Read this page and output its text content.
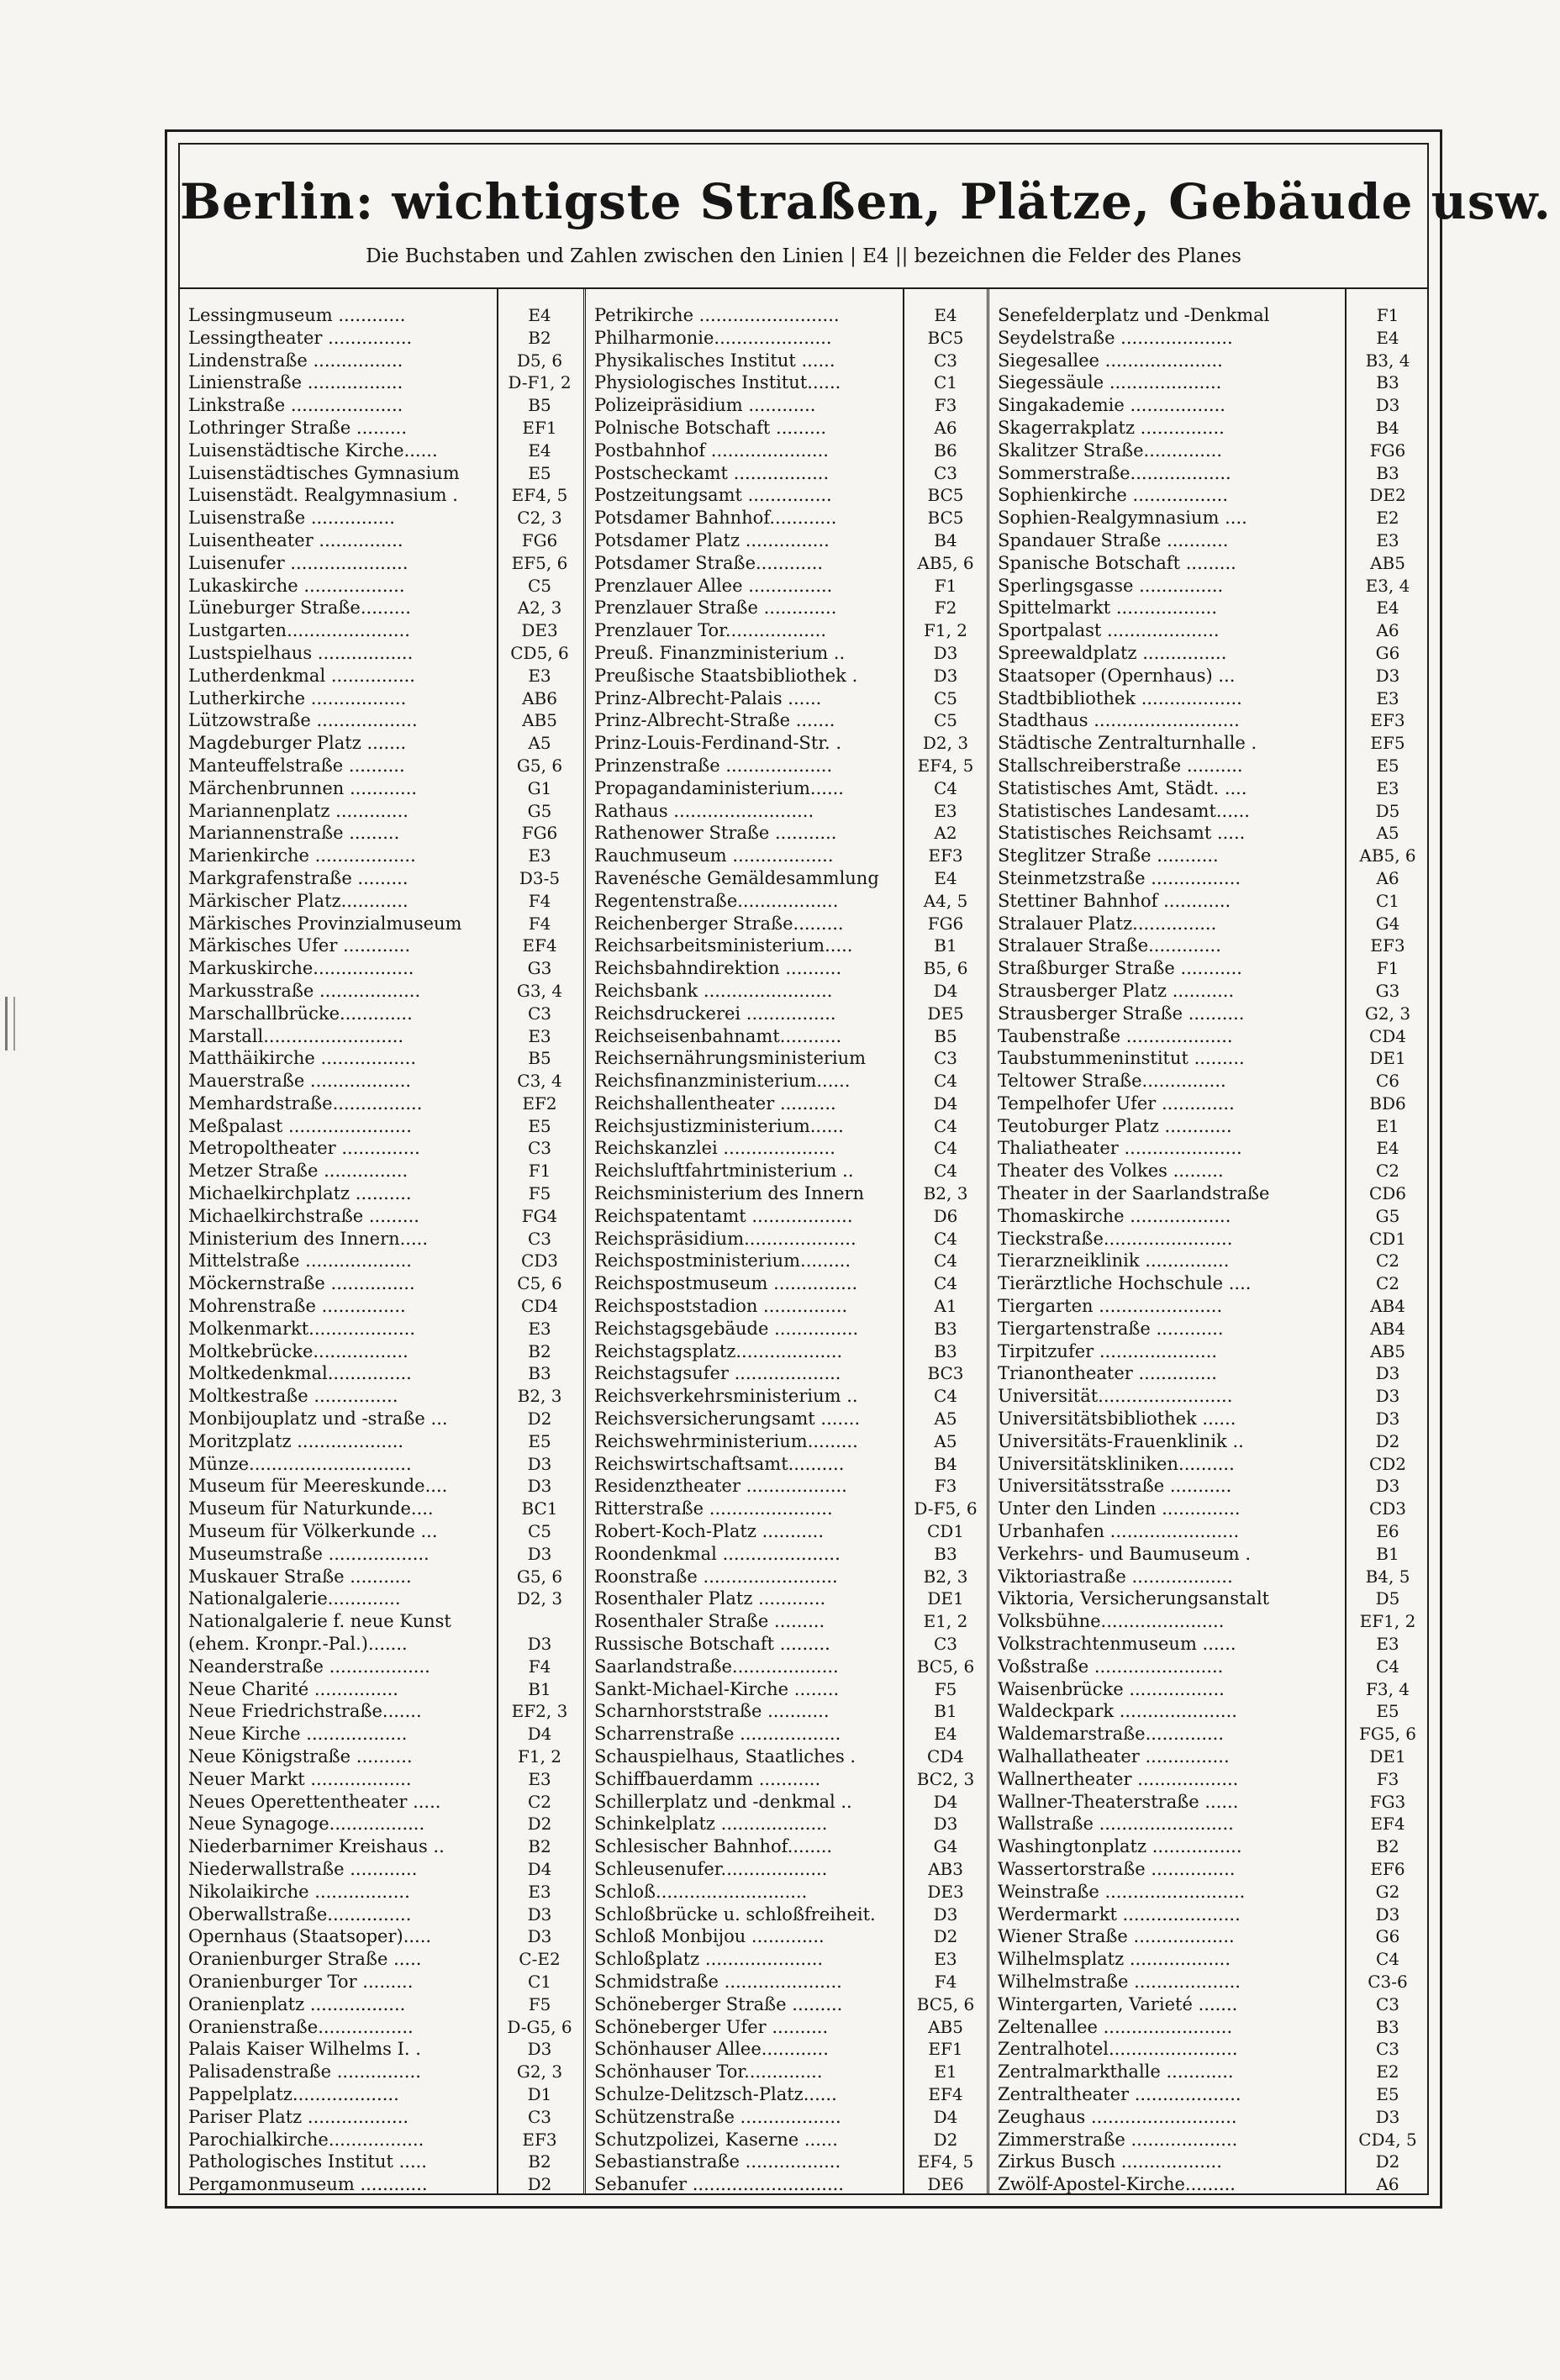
Berlin: wichtigste Straßen, Plätze, Gebäude usw.
Die Buchstaben und Zahlen zwischen den Linien | E4 || bezeichnen die Felder des Planes
Lessingmuseum ............	E4
Lessingtheater ...............	B2
Lindenstraße ................	D5, 6
Linienstraße .................	D-F1, 2
Linkstraße ....................	B5
Lothringer Straße .........	EF1
Luisenstädtische Kirche......	E4
Luisenstädtisches Gymnasium	E5
Luisenstädt. Realgymnasium .	EF4, 5
Luisenstraße ...............	C2, 3
Luisentheater ...............	FG6
Luisenufer .....................	EF5, 6
Lukaskirche ..................	C5
Lüneburger Straße.........	A2, 3
Lustgarten......................	DE3
Lustspielhaus .................	CD5, 6
Lutherdenkmal ...............	E3
Lutherkirche .................	AB6
Lützowstraße ..................	AB5
Magdeburger Platz .......	A5
Manteuffelstraße ..........	G5, 6
Märchenbrunnen ............	G1
Mariannenplatz .............	G5
Mariannenstraße .........	FG6
Marienkirche ..................	E3
Markgrafenstraße .........	D3-5
Märkischer Platz............	F4
Märkisches Provinzialmuseum	F4
Märkisches Ufer ............	EF4
Markuskirche..................	G3
Markusstraße ..................	G3, 4
Marschallbrücke.............	C3
Marstall.........................	E3
Matthäikirche .................	B5
Mauerstraße ..................	C3, 4
Memhardstraße................	EF2
Meßpalast ......................	E5
Metropoltheater ..............	C3
Metzer Straße ...............	F1
Michaelkirchplatz ..........	F5
Michaelkirchstraße .........	FG4
Ministerium des Innern.....	C3
Mittelstraße ...................	CD3
Möckernstraße ...............	C5, 6
Mohrenstraße ...............	CD4
Molkenmarkt...................	E3
Moltkebrücke.................	B2
Moltkedenkmal...............	B3
Moltkestraße ...............	B2, 3
Monbijouplatz und -straße ...	D2
Moritzplatz ...................	E5
Münze.............................	D3
Museum für Meereskunde....	D3
Museum für Naturkunde....	BC1
Museum für Völkerkunde ...	C5
Museumstraße ..................	D3
Muskauer Straße ...........	G5, 6
Nationalgalerie.............	D2, 3
Nationalgalerie f. neue Kunst
(ehem. Kronpr.-Pal.).......	D3
Neanderstraße ..................	F4
Neue Charité ...............	B1
Neue Friedrichstraße.......	EF2, 3
Neue Kirche ..................	D4
Neue Königstraße ..........	F1, 2
Neuer Markt ..................	E3
Neues Operettentheater .....	C2
Neue Synagoge.................	D2
Niederbarnimer Kreishaus ..	B2
Niederwallstraße ............	D4
Nikolaikirche .................	E3
Oberwallstraße...............	D3
Opernhaus (Staatsoper).....	D3
Oranienburger Straße .....	C-E2
Oranienburger Tor .........	C1
Oranienplatz .................	F5
Oranienstraße.................	D-G5, 6
Palais Kaiser Wilhelms I. .	D3
Palisadenstraße ...............	G2, 3
Pappelplatz...................	D1
Pariser Platz ..................	C3
Parochialkirche.................	EF3
Pathologisches Institut .....	B2
Pergamonmuseum ............	D2
Petrikirche .........................	E4
Philharmonie.....................	BC5
Physikalisches Institut ......	C3
Physiologisches Institut......	C1
Polizeipräsidium ............	F3
Polnische Botschaft .........	A6
Postbahnhof .....................	B6
Postscheckamt .................	C3
Postzeitungsamt ...............	BC5
Potsdamer Bahnhof............	BC5
Potsdamer Platz ...............	B4
Potsdamer Straße............	AB5, 6
Prenzlauer Allee ...............	F1
Prenzlauer Straße .............	F2
Prenzlauer Tor..................	F1, 2
Preuß. Finanzministerium ..	D3
Preußische Staatsbibliothek .	D3
Prinz-Albrecht-Palais ......	C5
Prinz-Albrecht-Straße .......	C5
Prinz-Louis-Ferdinand-Str. .	D2, 3
Prinzenstraße ...................	EF4, 5
Propagandaministerium......	C4
Rathaus .........................	E3
Rathenower Straße ...........	A2
Rauchmuseum ..................	EF3
Ravenésche Gemäldesammlung	E4
Regentenstraße..................	A4, 5
Reichenberger Straße.........	FG6
Reichsarbeitsministerium.....	B1
Reichsbahndirektion ..........	B5, 6
Reichsbank .......................	D4
Reichsdruckerei ................	DE5
Reichseisenbahnamt...........	B5
Reichsernährungsministerium	C3
Reichsfinanzministerium......	C4
Reichshallentheater ..........	D4
Reichsjustizministerium......	C4
Reichskanzlei ....................	C4
Reichsluftfahrtministerium ..	C4
Reichsministerium des Innern	B2, 3
Reichspatentamt ..................	D6
Reichspräsidium....................	C4
Reichspostministerium.........	C4
Reichspostmuseum ...............	C4
Reichspoststadion ...............	A1
Reichstagsgebäude ...............	B3
Reichstagsplatz...................	B3
Reichstagsufer ...................	BC3
Reichsverkehrsministerium ..	C4
Reichsversicherungsamt .......	A5
Reichswehrministerium.........	A5
Reichswirtschaftsamt..........	B4
Residenztheater ..................	F3
Ritterstraße ......................	D-F5, 6
Robert-Koch-Platz ...........	CD1
Roondenkmal .....................	B3
Roonstraße ........................	B2, 3
Rosenthaler Platz ............	DE1
Rosenthaler Straße .........	E1, 2
Russische Botschaft .........	C3
Saarlandstraße...................	BC5, 6
Sankt-Michael-Kirche ........	F5
Scharnhorststraße ...........	B1
Scharrenstraße ..................	E4
Schauspielhaus, Staatliches .	CD4
Schiffbauerdamm ...........	BC2, 3
Schillerplatz und -denkmal ..	D4
Schinkelplatz ...................	D3
Schlesischer Bahnhof........	G4
Schleusenufer...................	AB3
Schloß...........................	DE3
Schloßbrücke u. schloßfreiheit.	D3
Schloß Monbijou .............	D2
Schloßplatz .....................	E3
Schmidstraße .....................	F4
Schöneberger Straße .........	BC5, 6
Schöneberger Ufer ..........	AB5
Schönhauser Allee............	EF1
Schönhauser Tor..............	E1
Schulze-Delitzsch-Platz......	EF4
Schützenstraße ..................	D4
Schutzpolizei, Kaserne ......	D2
Sebastianstraße .................	EF4, 5
Sebanufer ...........................	DE6
Senefelderplatz und -Denkmal	F1
Seydelstraße ....................	E4
Siegesallee .....................	B3, 4
Siegessäule ....................	B3
Singakademie .................	D3
Skagerrakplatz ...............	B4
Skalitzer Straße..............	FG6
Sommerstraße..................	B3
Sophienkirche .................	DE2
Sophien-Realgymnasium ....	E2
Spandauer Straße ...........	E3
Spanische Botschaft .........	AB5
Sperlingsgasse ...............	E3, 4
Spittelmarkt ..................	E4
Sportpalast ....................	A6
Spreewaldplatz ...............	G6
Staatsoper (Opernhaus) ...	D3
Stadtbibliothek ..................	E3
Stadthaus ..........................	EF3
Städtische Zentralturnhalle .	EF5
Stallschreiberstraße ..........	E5
Statistisches Amt, Städt. ....	E3
Statistisches Landesamt......	D5
Statistisches Reichsamt .....	A5
Steglitzer Straße ...........	AB5, 6
Steinmetzstraße ................	A6
Stettiner Bahnhof ............	C1
Stralauer Platz...............	G4
Stralauer Straße.............	EF3
Straßburger Straße ...........	F1
Strausberger Platz ...........	G3
Strausberger Straße ..........	G2, 3
Taubenstraße ...................	CD4
Taubstummeninstitut .........	DE1
Teltower Straße...............	C6
Tempelhofer Ufer .............	BD6
Teutoburger Platz ............	E1
Thaliatheater .....................	E4
Theater des Volkes .........	C2
Theater in der Saarlandstraße	CD6
Thomaskirche ..................	G5
Tieckstraße.......................	CD1
Tierarzneiklinik ...............	C2
Tierärztliche Hochschule ....	C2
Tiergarten ......................	AB4
Tiergartenstraße ............	AB4
Tirpitzufer .....................	AB5
Trianontheater ..............	D3
Universität........................	D3
Universitätsbibliothek ......	D3
Universitäts-Frauenklinik ..	D2
Universitätskliniken..........	CD2
Universitätsstraße ...........	D3
Unter den Linden ..............	CD3
Urbanhafen .......................	E6
Verkehrs- und Baumuseum .	B1
Viktoriastraße ..................	B4, 5
Viktoria, Versicherungsanstalt	D5
Volksbühne......................	EF1, 2
Volkstrachtenmuseum ......	E3
Voßstraße .......................	C4
Waisenbrücke .................	F3, 4
Waldeckpark .....................	E5
Waldemarstraße..............	FG5, 6
Walhallatheater ...............	DE1
Wallnertheater ..................	F3
Wallner-Theaterstraße ......	FG3
Wallstraße ........................	EF4
Washingtonplatz ................	B2
Wassertorstraße ...............	EF6
Weinstraße .........................	G2
Werdermarkt .....................	D3
Wiener Straße ..................	G6
Wilhelmsplatz ..................	C4
Wilhelmstraße ...................	C3-6
Wintergarten, Varieté .......	C3
Zeltenallee .......................	B3
Zentralhotel.......................	C3
Zentralmarkthalle ............	E2
Zentraltheater ...................	E5
Zeughaus ..........................	D3
Zimmerstraße ...................	CD4, 5
Zirkus Busch ..................	D2
Zwölf-Apostel-Kirche.........	A6
